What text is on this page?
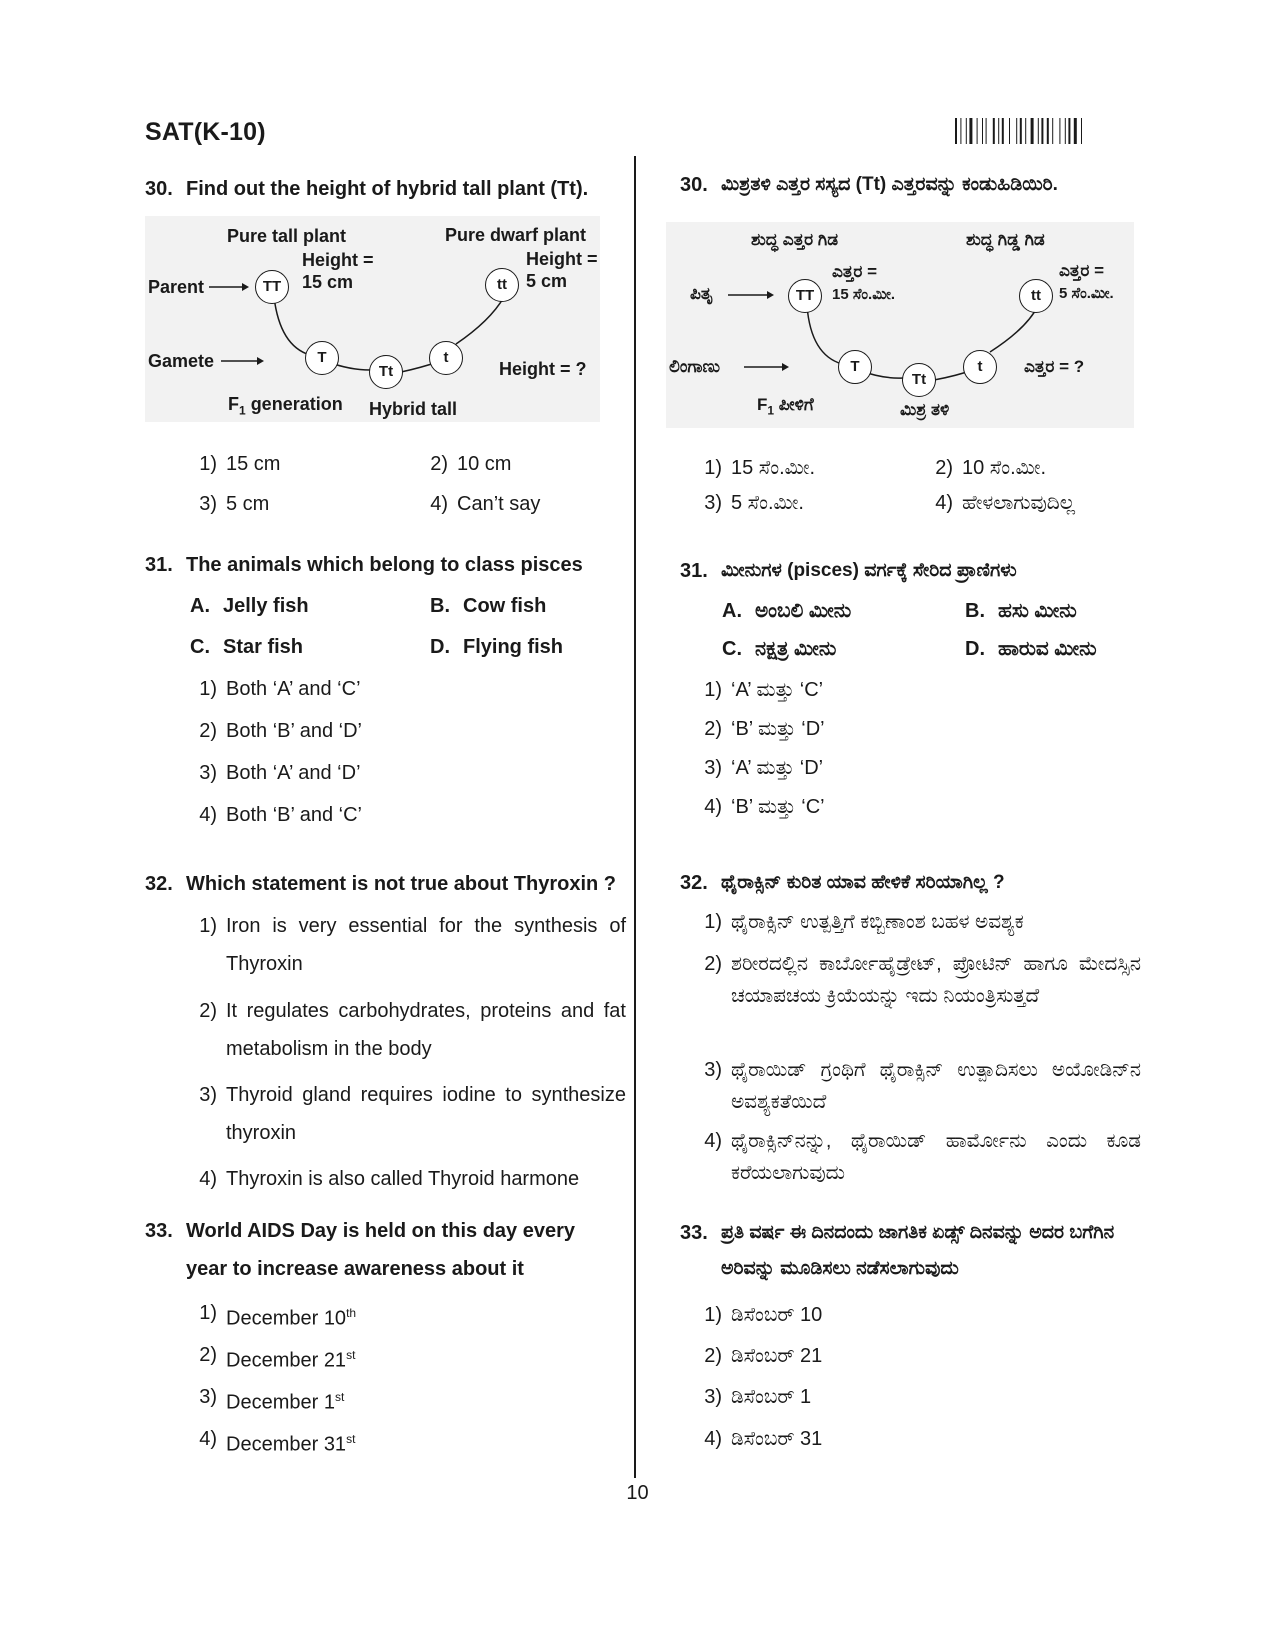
SAT(K-10)
30. Find out the height of hybrid tall plant (Tt).
Pure tall plant	Pure dwarf plant
Parent
Gamete
Height =
15 cm
Height =
5 cm
Height = ?
$F_1$ generation Hybrid tall
TT	tt
T
Tt
t
1) 15 cm	2) 10 cm
3) 5 cm	4) Can’t say
31. The animals which belong to class pisces
A. Jelly fish	B. Cow fish
C. Star fish	D. Flying fish
1) Both ‘A’ and ‘C’
2) Both ‘B’ and ‘D’
3) Both ‘A’ and ‘D’
4) Both ‘B’ and ‘C’
32. Which statement is not true about Thyroxin ?
1) Iron is very essential for the synthesis of Thyroxin
2) It regulates carbohydrates, proteins and fat metabolism in the body
3) Thyroid gland requires iodine to synthesize thyroxin
4) Thyroxin is also called Thyroid harmone
33. World AIDS Day is held on this day every year to increase awareness about it
1) December 10th
2) December 21st
3) December 1st
4) December 31st
30. ಮಿಶ್ರತಳಿ ಎತ್ತರ ಸಸ್ಯದ (Tt) ಎತ್ತರವನ್ನು ಕಂಡುಹಿಡಿಯಿರಿ.
ಶುದ್ಧ ಎತ್ತರ ಗಿಡ	ಶುದ್ಧ ಗಿಡ್ಡ ಗಿಡ
ಪಿತೃ
ಲಿಂಗಾಣು
ಎತ್ತರ =
15 ಸೆಂ.ಮೀ.
ಎತ್ತರ =
5 ಸೆಂ.ಮೀ.
ಎತ್ತರ = ?
$F_1$ ಪೀಳಿಗೆ	ಮಿಶ್ರ ತಳಿ
TT	tt
T
Tt
t
1) 15 ಸೆಂ.ಮೀ.	2) 10 ಸೆಂ.ಮೀ.
3) 5 ಸೆಂ.ಮೀ.	4) ಹೇಳಲಾಗುವುದಿಲ್ಲ
31. ಮೀನುಗಳ (pisces) ವರ್ಗಕ್ಕೆ ಸೇರಿದ ಪ್ರಾಣಿಗಳು
A. ಅಂಬಲಿ ಮೀನು	B. ಹಸು ಮೀನು
C. ನಕ್ಷತ್ರ ಮೀನು	D. ಹಾರುವ ಮೀನು
1) ‘A’ ಮತ್ತು ‘C’
2) ‘B’ ಮತ್ತು ‘D’
3) ‘A’ ಮತ್ತು ‘D’
4) ‘B’ ಮತ್ತು ‘C’
32. ಥೈರಾಕ್ಸಿನ್ ಕುರಿತ ಯಾವ ಹೇಳಿಕೆ ಸರಿಯಾಗಿಲ್ಲ ?
1) ಥೈರಾಕ್ಸಿನ್ ಉತ್ಪತ್ತಿಗೆ ಕಬ್ಬಿಣಾಂಶ ಬಹಳ ಅವಶ್ಯಕ
2) ಶರೀರದಲ್ಲಿನ ಕಾರ್ಬೋಹೈಡ್ರೇಟ್, ಪ್ರೋಟಿನ್ ಹಾಗೂ ಮೇದಸ್ಸಿನ ಚಯಾಪಚಯ ಕ್ರಿಯೆಯನ್ನು ಇದು ನಿಯಂತ್ರಿಸುತ್ತದೆ
3) ಥೈರಾಯಿಡ್ ಗ್ರಂಥಿಗೆ ಥೈರಾಕ್ಸಿನ್ ಉತ್ಪಾದಿಸಲು ಅಯೋಡಿನ್‌ನ ಅವಶ್ಯಕತೆಯಿದೆ
4) ಥೈರಾಕ್ಸಿನ್‌ನನ್ನು, ಥೈರಾಯಿಡ್ ಹಾರ್ಮೋನು ಎಂದು ಕೂಡ ಕರೆಯಲಾಗುವುದು
33. ಪ್ರತಿ ವರ್ಷ ಈ ದಿನದಂದು ಜಾಗತಿಕ ಏಡ್ಸ್ ದಿನವನ್ನು ಅದರ ಬಗೆಗಿನ ಅರಿವನ್ನು ಮೂಡಿಸಲು ನಡೆಸಲಾಗುವುದು
1) ಡಿಸೆಂಬರ್ 10
2) ಡಿಸೆಂಬರ್ 21
3) ಡಿಸೆಂಬರ್ 1
4) ಡಿಸೆಂಬರ್ 31
10
